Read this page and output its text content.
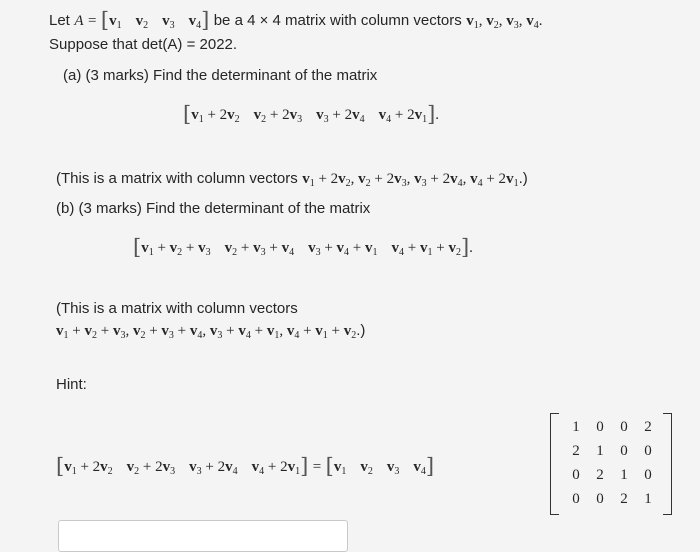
Let $A = [v_1$ $v_2$ $v_3$ $v_4$] be a 4 × 4 matrix with column vectors $v_1$, $v_2$, $v_3$, $v_4$.
Suppose that det(A) = 2022.
(a) (3 marks) Find the determinant of the matrix
[$v_1 + 2v_2$ $v_2 + 2v_3$ $v_3 + 2v_4$ $v_4 + 2v_1$].
(This is a matrix with column vectors $v_1 + 2v_2$, $v_2 + 2v_3$, $v_3 + 2v_4$, $v_4 + 2v_1$.)
(b) (3 marks) Find the determinant of the matrix
[$v_1 + v_2 + v_3$ $v_2 + v_3 + v_4$ $v_3 + v_4 + v_1$ $v_4 + v_1 + v_2$].
(This is a matrix with column vectors
$v_1 + v_2 + v_3$, $v_2 + v_3 + v_4$, $v_3 + v_4 + v_1$, $v_4 + v_1 + v_2$.)
Hint:
[$v_1 + 2v_2$ $v_2 + 2v_3$ $v_3 + 2v_4$ $v_4 + 2v_1] = [v_1$ $v_2$ $v_3$ $v_4$]
1	0	0	2
2	1	0	0
0	2	1	0
0	0	2	1
